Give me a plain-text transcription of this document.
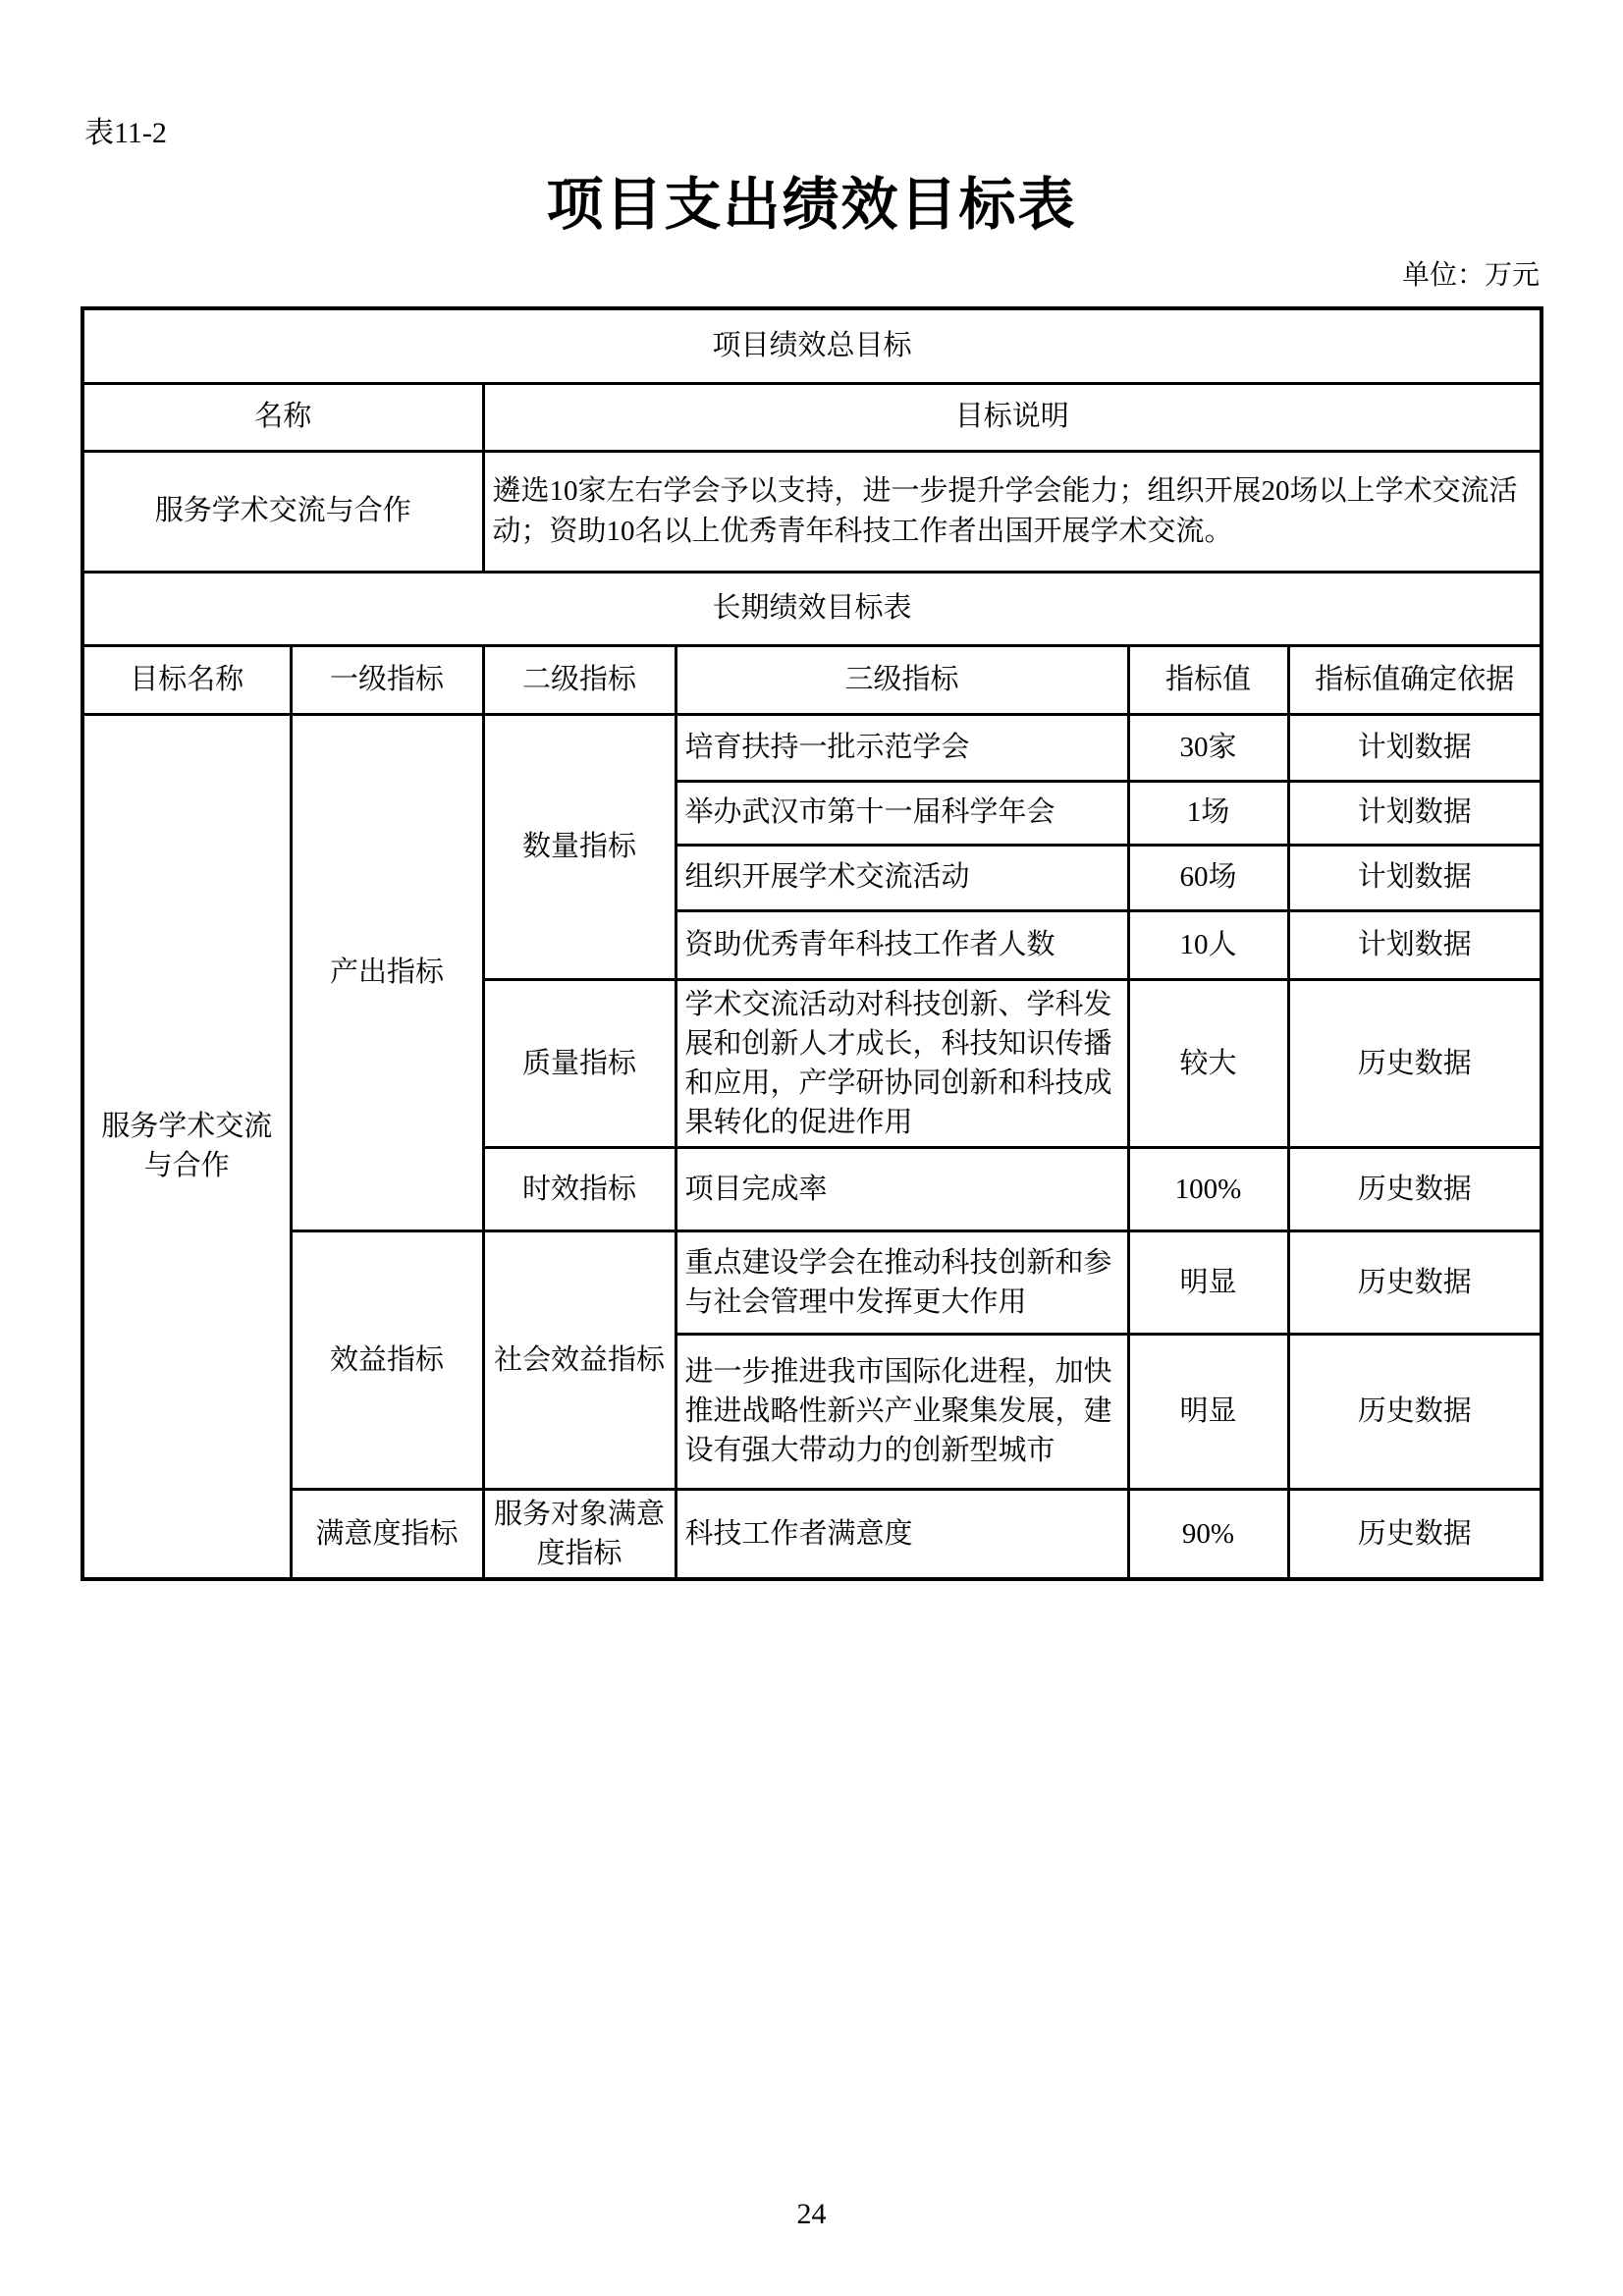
表11-2
项目支出绩效目标表
单位：万元
项目绩效总目标					
名称		目标说明			
服务学术交流与合作		遴选10家左右学会予以支持，进一步提升学会能力；组织开展20场以上学术交流活动；资助10名以上优秀青年科技工作者出国开展学术交流。			
长期绩效目标表					
目标名称	一级指标	二级指标	三级指标	指标值	指标值确定依据
服务学术交流与合作	产出指标	数量指标	培育扶持一批示范学会	30家	计划数据
			举办武汉市第十一届科学年会	1场	计划数据
			组织开展学术交流活动	60场	计划数据
			资助优秀青年科技工作者人数	10人	计划数据
		质量指标	学术交流活动对科技创新、学科发展和创新人才成长，科技知识传播和应用，产学研协同创新和科技成果转化的促进作用	较大	历史数据
		时效指标	项目完成率	100%	历史数据
	效益指标	社会效益指标	重点建设学会在推动科技创新和参与社会管理中发挥更大作用	明显	历史数据
			进一步推进我市国际化进程，加快推进战略性新兴产业聚集发展，建设有强大带动力的创新型城市	明显	历史数据
	满意度指标	服务对象满意度指标	科技工作者满意度	90%	历史数据
24
